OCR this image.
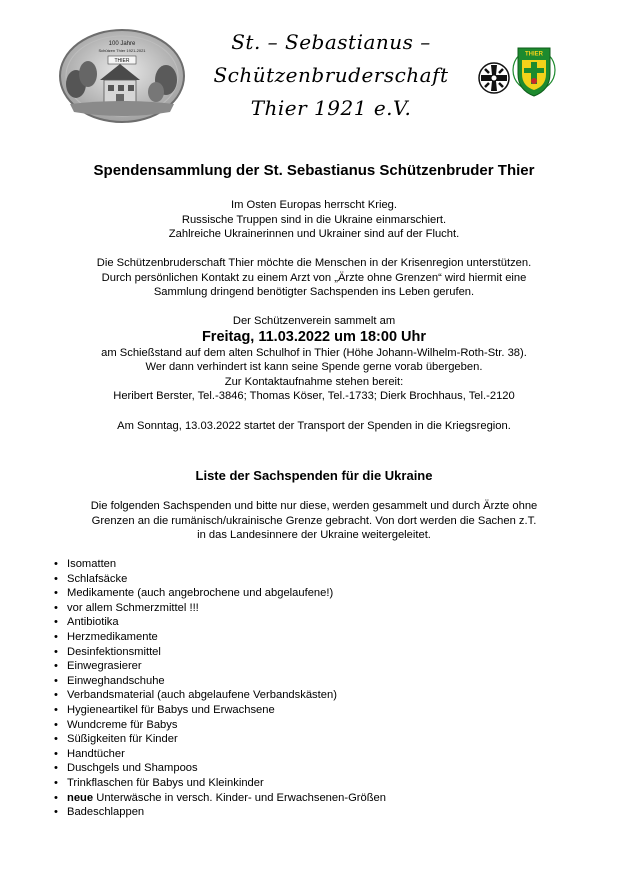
100 Jahre
Schützen Thier 1921-2021
THIER
St. – Sebastianus –
Schützenbruderschaft
Thier 1921 e.V.
THIER
Spendensammlung der St. Sebastianus Schützenbruder Thier

Im Osten Europas herrscht Krieg.

Russische Truppen sind in die Ukraine einmarschiert.

Zahlreiche Ukrainerinnen und Ukrainer sind auf der Flucht.

Die Schützenbruderschaft Thier möchte die Menschen in der Krisenregion unterstützen.

Durch persönlichen Kontakt zu einem Arzt von „Ärzte ohne Grenzen“ wird hiermit eine

Sammlung dringend benötigter Sachspenden ins Leben gerufen.

Der Schützenverein sammelt am

Freitag, 11.03.2022 um 18:00 Uhr

am Schießstand auf dem alten Schulhof in Thier (Höhe Johann-Wilhelm-Roth-Str. 38).

Wer dann verhindert ist kann seine Spende gerne vorab übergeben.

Zur Kontaktaufnahme stehen bereit:

Heribert Berster, Tel.-3846; Thomas Köser, Tel.-1733; Dierk Brochhaus, Tel.-2120

Am Sonntag, 13.03.2022 startet der Transport der Spenden in die Kriegsregion.

Liste der Sachspenden für die Ukraine

Die folgenden Sachspenden und bitte nur diese, werden gesammelt und durch Ärzte ohne

Grenzen an die rumänisch/ukrainische Grenze gebracht. Von dort werden die Sachen z.T.

in das Landesinnere der Ukraine weitergeleitet.

• Isomatten
• Schlafsäcke
• Medikamente (auch angebrochene und abgelaufene!)
• vor allem Schmerzmittel !!!
• Antibiotika
• Herzmedikamente
• Desinfektionsmittel
• Einwegrasierer
• Einweghandschuhe
• Verbandsmaterial (auch abgelaufene Verbandskästen)
• Hygieneartikel für Babys und Erwachsene
• Wundcreme für Babys
• Süßigkeiten für Kinder
• Handtücher
• Duschgels und Shampoos
• Trinkflaschen für Babys und Kleinkinder
• neue Unterwäsche in versch. Kinder- und Erwachsenen-Größen
• Badeschlappen
